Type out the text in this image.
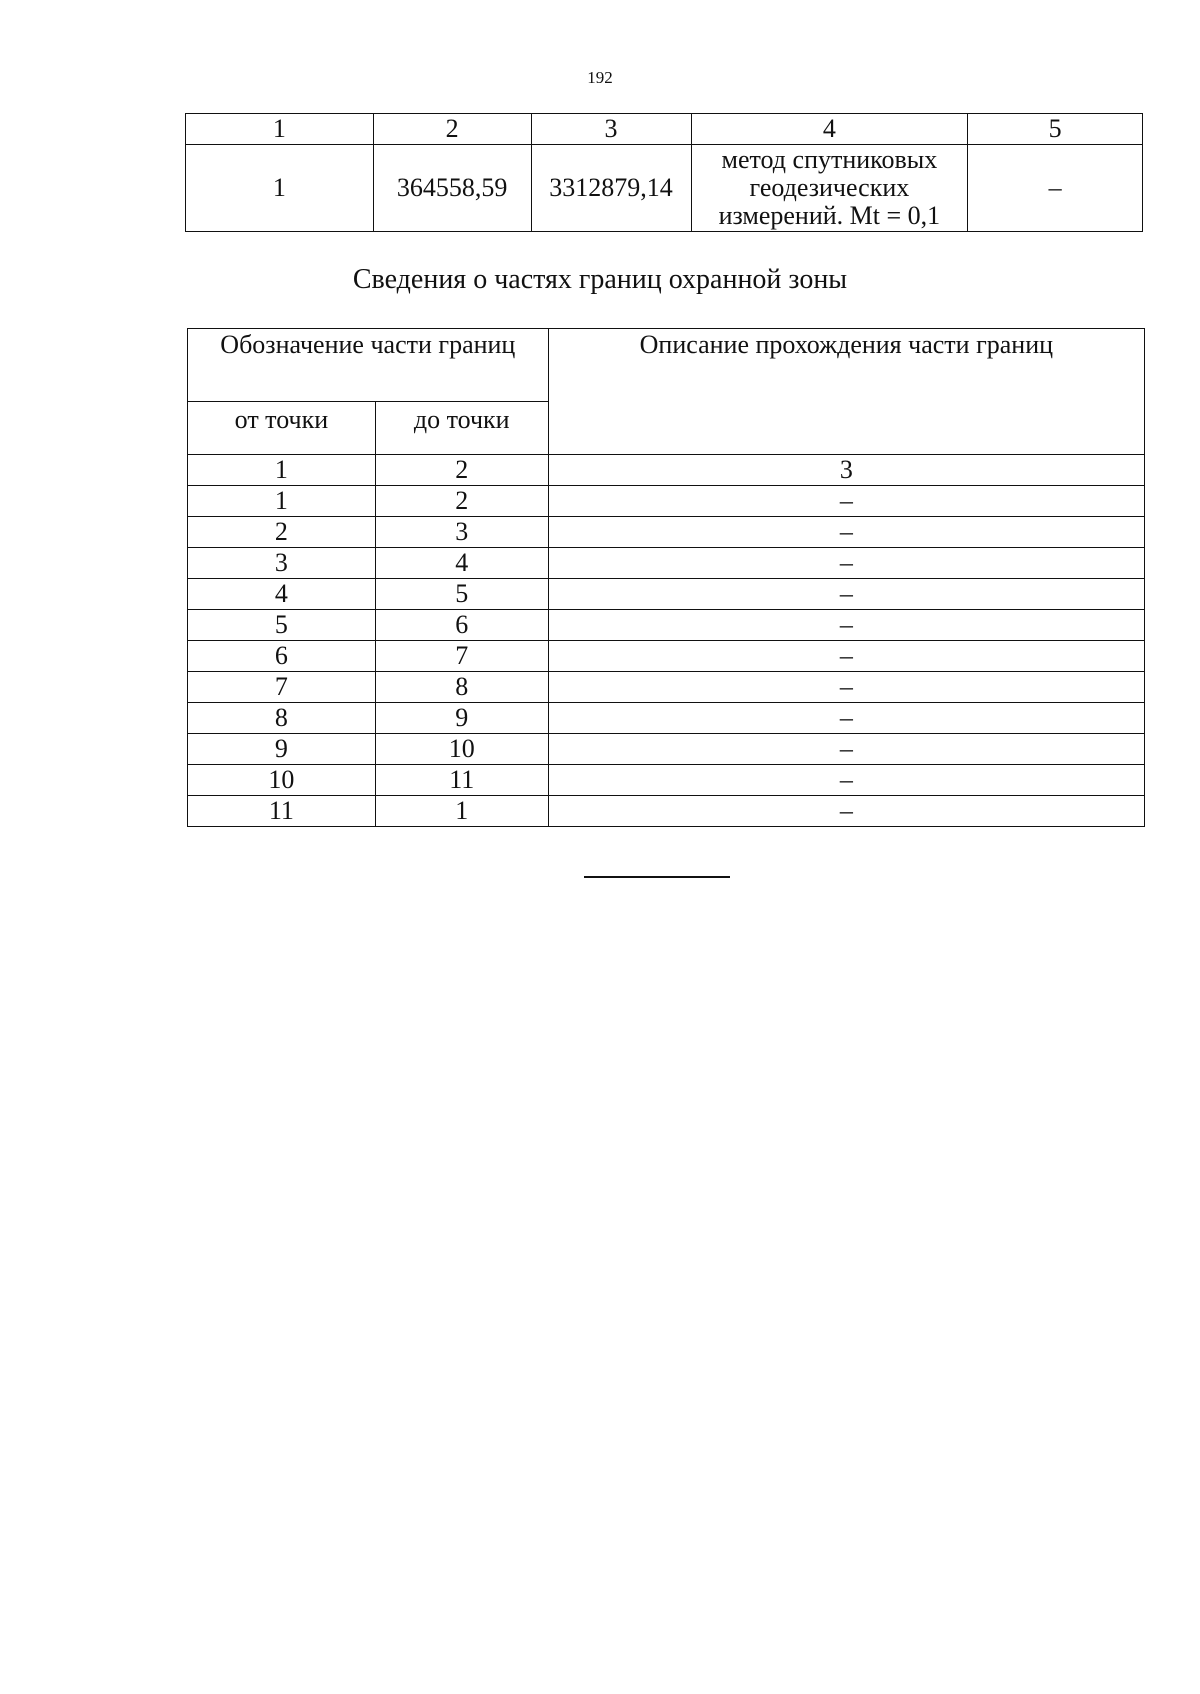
192
1	2	3	4	5
1	364558,59	3312879,14	метод спутниковых
геодезических
измерений. Mt = 0,1	–
Сведения о частях границ охранной зоны
Обозначение части границ		Описание прохождения части границ
от точки	до точки	
1	2	3
1	2	–
2	3	–
3	4	–
4	5	–
5	6	–
6	7	–
7	8	–
8	9	–
9	10	–
10	11	–
11	1	–
